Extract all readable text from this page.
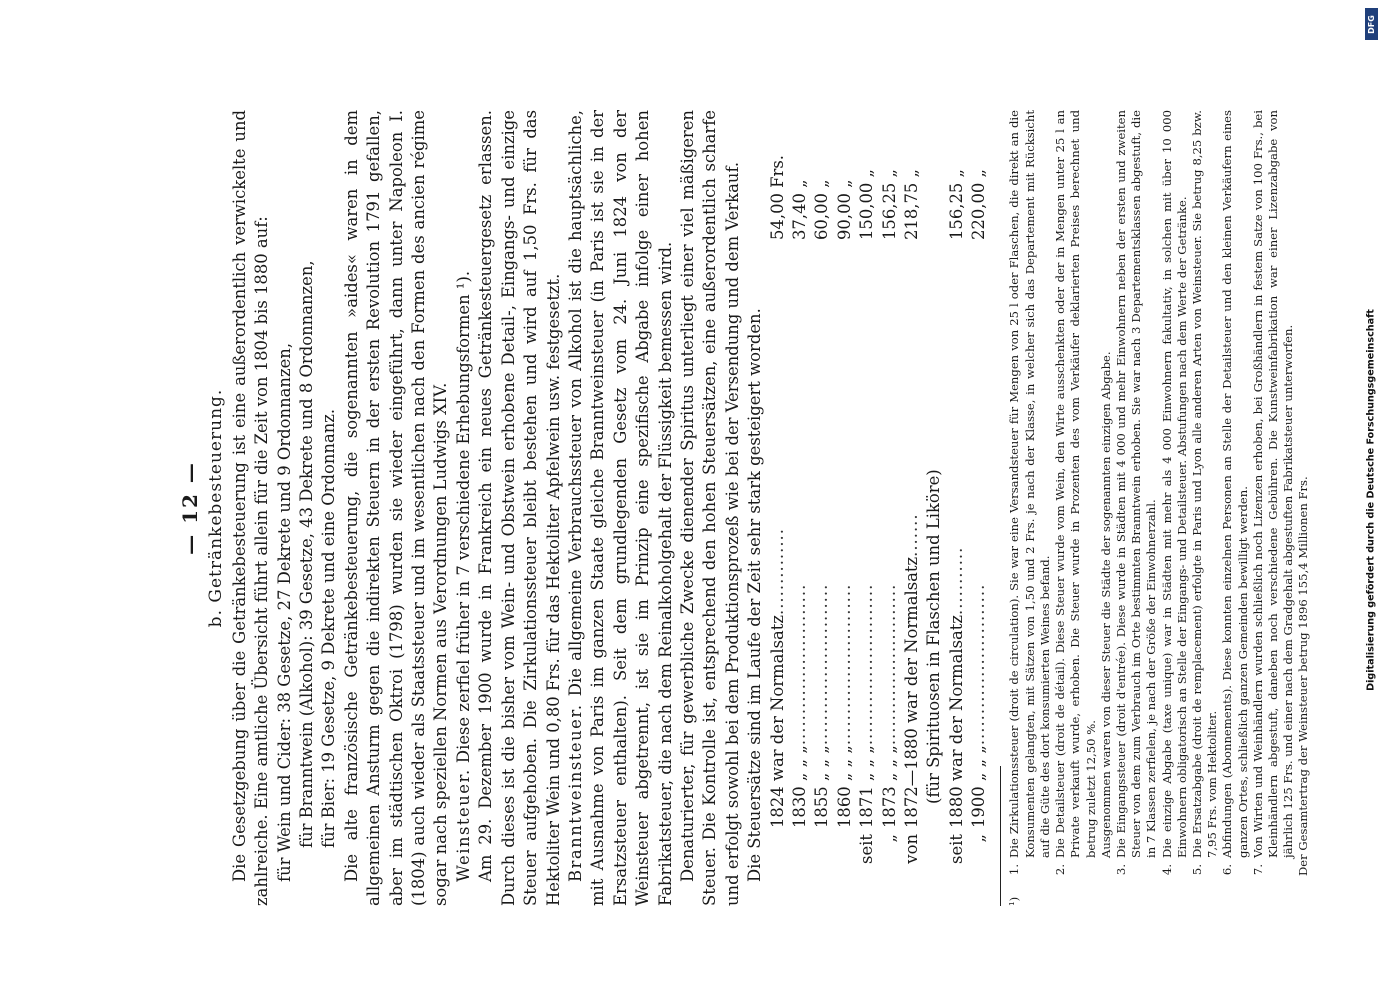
— 12 — b. Getränkebesteuerung. Die Gesetzgebung über die Getränkebesteuerung ist eine außerordentlich verwickelte und zahlreiche. Eine amtliche Übersicht führt allein für die Zeit von 1804 bis 1880 auf: für Wein und Cider: 38 Gesetze, 27 Dekrete und 9 Ordonnanzen, für Branntwein (Alkohol): 39 Gesetze, 43 Dekrete und 8 Ordonnanzen, für Bier: 19 Gesetze, 9 Dekrete und eine Ordonnanz. Die alte französische Getränkebesteuerung, die sogenannten »aides« waren in dem allgemeinen Ansturm gegen die indirekten Steuern in der ersten Revolution 1791 gefallen, aber im städtischen Oktroi (1798) wurden sie wieder eingeführt, dann unter Napoleon I. (1804) auch wieder als Staatssteuer und im wesentlichen nach den Formen des ancien régime sogar nach speziellen Normen aus Verordnungen Ludwigs XIV. Weinsteuer. Diese zerfiel früher in 7 verschiedene Erhebungsformen ¹). Am 29. Dezember 1900 wurde in Frankreich ein neues Getränkesteuergesetz erlassen. Durch dieses ist die bisher vom Wein- und Obstwein erhobene Detail-, Eingangs- und einzige Steuer aufgehoben. Die Zirkulationssteuer bleibt bestehen und wird auf 1,50 Frs. für das Hektoliter Wein und 0,80 Frs. für das Hektoliter Apfelwein usw. festgesetzt. Branntweinsteuer. Die allgemeine Verbrauchssteuer von Alkohol ist die hauptsächliche, mit Ausnahme von Paris im ganzen Staate gleiche Branntweinsteuer (in Paris ist sie in der Ersatzsteuer enthalten). Seit dem grundlegenden Gesetz vom 24. Juni 1824 von der Weinsteuer abgetrennt, ist sie im Prinzip eine spezifische Abgabe infolge einer hohen Fabrikatsteuer, die nach dem Reinalkoholgehalt der Flüssigkeit bemessen wird. Denaturierter, für gewerbliche Zwecke dienender Spiritus unterliegt einer viel mäßigeren Steuer. Die Kontrolle ist, entsprechend den hohen Steuersätzen, eine außerordentlich scharfe und erfolgt sowohl bei dem Produktionsprozeß wie bei der Versendung und dem Verkauf. Die Steuersätze sind im Laufe der Zeit sehr stark gesteigert worden. 1824 war der Normalsatz
..............
54,00 Frs.
1830 „ „ „
..........................
37,40 „
1855 „ „ „
..........................
60,00 „
1860 „ „ „
..........................
90,00 „
seit
1871 „ „ „
..........................
150,00 „
„
1873 „ „ „
..........................
156,25 „
von
1872—1880 war der Normalsatz
.......
218,75 „
(für Spirituosen in Flaschen und Liköre)
seit
1880 war der Normalsatz
...........
156,25 „
„
1900 „ „ „
..........................
220,00 „
¹)
1.
Die Zirkulationssteuer (droit de circulation). Sie war eine Versandsteuer für Mengen von 25 l oder Flaschen, die direkt an die Konsumenten gelangten, mit Sätzen von 1,50 und 2 Frs. je nach der Klasse, in welcher sich das Departement mit Rücksicht auf die Güte des dort konsumierten Weines befand.
2.
Die Detailsteuer (droit de détail). Diese Steuer wurde vom Wein, den Wirte ausschenkten oder der in Mengen unter 25 l an Private verkauft wurde, erhoben. Die Steuer wurde in Prozenten des vom Verkäufer deklarierten Preises berechnet und betrug zuletzt 12,50 %. Ausgenommen waren von dieser Steuer die Städte der sogenannten einzigen Abgabe.
3.
Die Eingangssteuer (droit d'entrée). Diese wurde in Städten mit 4 000 und mehr Einwohnern neben der ersten und zweiten Steuer von dem zum Verbrauch im Orte bestimmten Branntwein erhoben. Sie war nach 3 Departementsklassen abgestuft, die in 7 Klassen zerfielen, je nach der Größe der Einwohnerzahl.
4.
Die einzige Abgabe (taxe unique) war in Städten mit mehr als 4 000 Einwohnern fakultativ, in solchen mit über 10 000 Einwohnern obligatorisch an Stelle der Eingangs- und Detailsteuer. Abstufungen nach dem Werte der Getränke.
5.
Die Ersatzabgabe (droit de remplacement) erfolgte in Paris und Lyon alle anderen Arten von Weinsteuer. Sie betrug 8,25 bzw. 7,95 Frs. vom Hektoliter.
6.
Abfindungen (Abonnements). Diese konnten einzelnen Personen an Stelle der Detailsteuer und den kleinen Verkäufern eines ganzen Ortes, schließlich ganzen Gemeinden bewilligt werden.
7.
Von Wirten und Weinhändlern wurden schließlich noch Lizenzen erhoben, bei Großhändlern in festem Satze von 100 Frs., bei Kleinhändlern abgestuft, daneben noch verschiedene Gebühren. Die Kunstweinfabrikation war einer Lizenzabgabe von jährlich 125 Frs. und einer nach dem Gradgehalt abgestuften Fabrikatsteuer unterworfen. Der Gesamtertrag der Weinsteuer betrug 1896 155,4 Millionen Frs.	Digitalisierung gefördert durch die Deutsche Forschungsgemeinschaft
DFG
